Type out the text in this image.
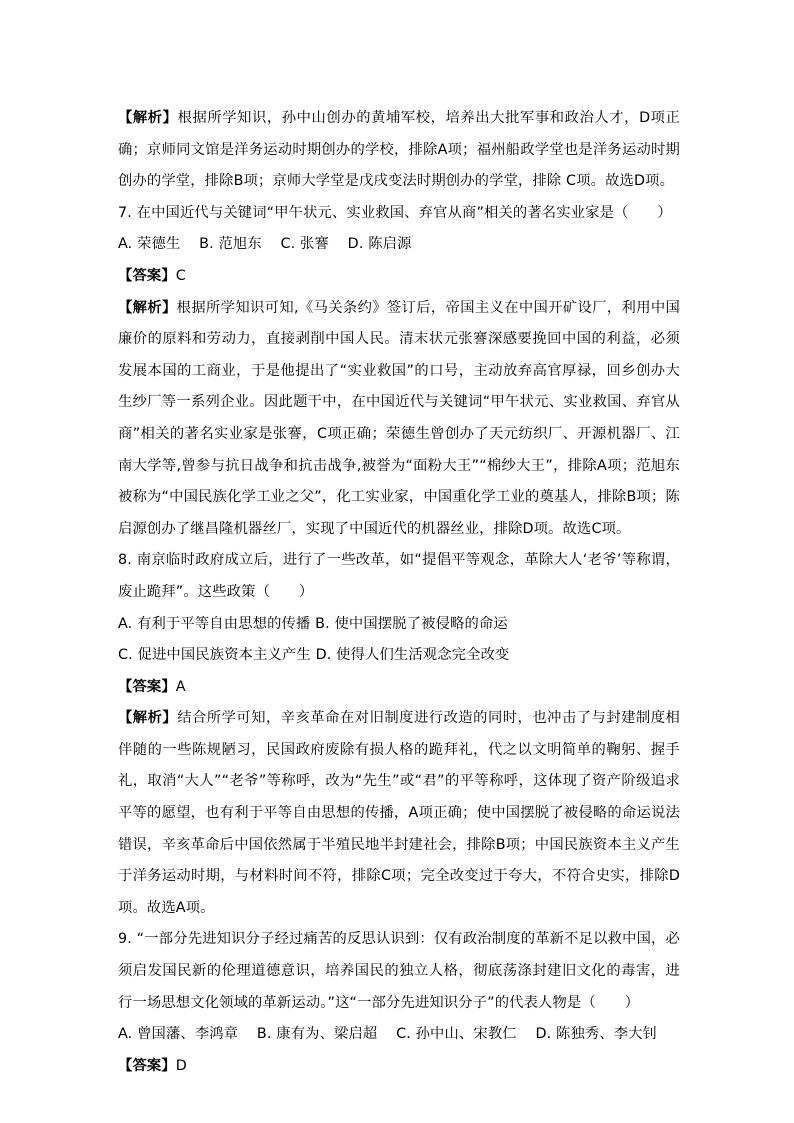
【解析】根据所学知识，孙中山创办的黄埔军校，培养出大批军事和政治人才，D项正确；京师同文馆是洋务运动时期创办的学校，排除A项；福州船政学堂也是洋务运动时期创办的学堂，排除B项；京师大学堂是戊戌变法时期创办的学堂，排除 C项。故选D项。

7. 在中国近代与关键词“甲午状元、实业救国、弃官从商”相关的著名实业家是（　　）

A. 荣德生 B. 范旭东 C. 张謇 D. 陈启源

【答案】C

【解析】根据所学知识可知,《马关条约》签订后，帝国主义在中国开矿设厂，利用中国廉价的原料和劳动力，直接剥削中国人民。清末状元张謇深感要挽回中国的利益，必须发展本国的工商业，于是他提出了“实业救国”的口号，主动放弃高官厚禄，回乡创办大生纱厂等一系列企业。因此题干中，在中国近代与关键词“甲午状元、实业救国、弃官从商”相关的著名实业家是张謇，C项正确；荣德生曾创办了天元纺织厂、开源机器厂、江南大学等,曾参与抗日战争和抗击战争,被誉为“面粉大王”“棉纱大王”，排除A项；范旭东被称为“中国民族化学工业之父”，化工实业家，中国重化学工业的奠基人，排除B项；陈启源创办了继昌隆机器丝厂，实现了中国近代的机器丝业，排除D项。故选C项。

8. 南京临时政府成立后，进行了一些改革，如“提倡平等观念，革除大人‘老爷’等称谓，废止跪拜”。这些政策（　　）

A. 有利于平等自由思想的传播 B. 使中国摆脱了被侵略的命运

C. 促进中国民族资本主义产生 D. 使得人们生活观念完全改变

【答案】A

【解析】结合所学可知，辛亥革命在对旧制度进行改造的同时，也冲击了与封建制度相伴随的一些陈规陋习，民国政府废除有损人格的跪拜礼，代之以文明简单的鞠躬、握手礼，取消“大人”“老爷”等称呼，改为“先生”或“君”的平等称呼，这体现了资产阶级追求平等的愿望，也有利于平等自由思想的传播，A项正确；使中国摆脱了被侵略的命运说法错误，辛亥革命后中国依然属于半殖民地半封建社会，排除B项；中国民族资本主义产生于洋务运动时期，与材料时间不符，排除C项；完全改变过于夸大，不符合史实，排除D项。故选A项。

9. “一部分先进知识分子经过痛苦的反思认识到：仅有政治制度的革新不足以救中国，必须启发国民新的伦理道德意识，培养国民的独立人格，彻底荡涤封建旧文化的毒害，进行一场思想文化领域的革新运动。”这“一部分先进知识分子”的代表人物是（　　）

A. 曾国藩、李鸿章 B. 康有为、梁启超 C. 孙中山、宋教仁 D. 陈独秀、李大钊

【答案】D
